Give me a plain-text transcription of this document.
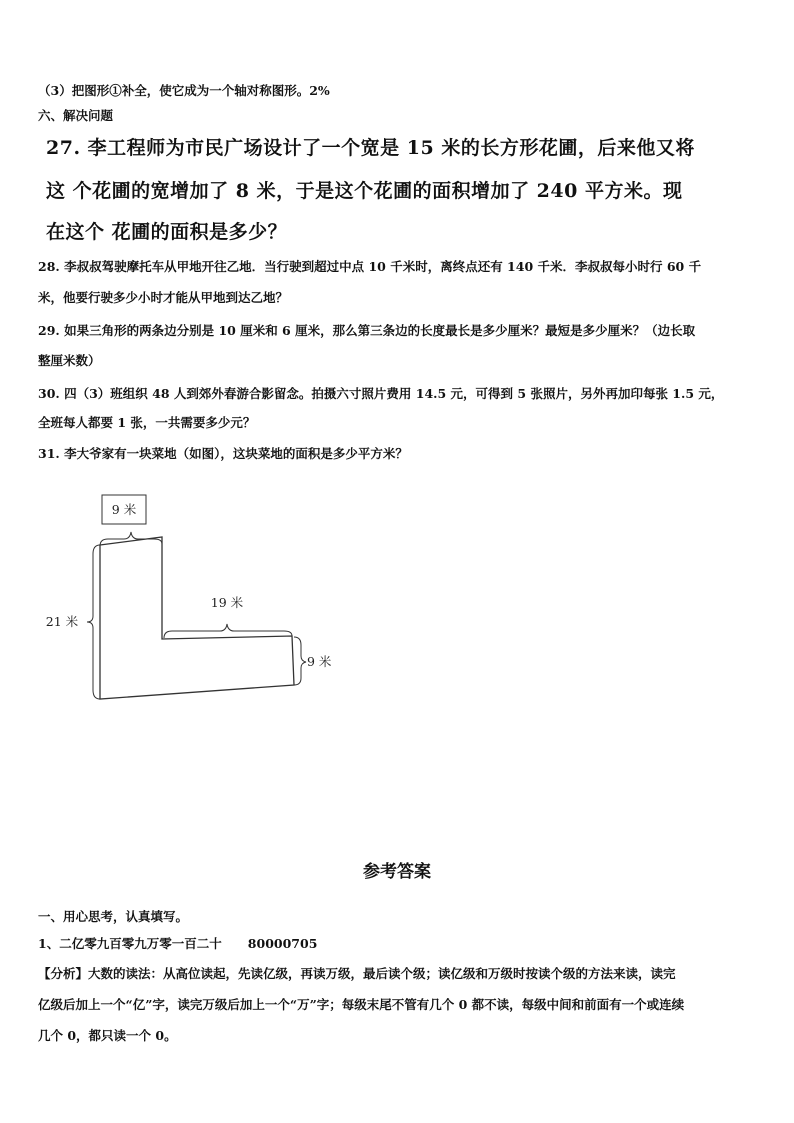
（3）把图形①补全，使它成为一个轴对称图形。2%

六、解决问题

27. 李工程师为市民广场设计了一个宽是 15 米的长方形花圃，后来他又将

这 个花圃的宽增加了 8 米，于是这个花圃的面积增加了 240 平方米。现

在这个 花圃的面积是多少？

28. 李叔叔驾驶摩托车从甲地开往乙地．当行驶到超过中点 10 千米时，离终点还有 140 千米．李叔叔每小时行 60 千

米，他要行驶多少小时才能从甲地到达乙地？

29. 如果三角形的两条边分别是 10 厘米和 6 厘米，那么第三条边的长度最长是多少厘米？最短是多少厘米？（边长取

整厘米数）

30. 四（3）班组织 48 人到郊外春游合影留念。拍摄六寸照片费用 14.5 元，可得到 5 张照片，另外再加印每张 1.5 元，

全班每人都要 1 张，一共需要多少元？

31. 李大爷家有一块菜地（如图），这块菜地的面积是多少平方米？

9 米
21 米
19 米
9 米
参考答案

一、用心思考，认真填写。

1、二亿零九百零九万零一百二十      80000705

【分析】大数的读法：从高位读起，先读亿级，再读万级，最后读个级；读亿级和万级时按读个级的方法来读，读完

亿级后加上一个“亿”字，读完万级后加上一个“万”字；每级末尾不管有几个 0 都不读，每级中间和前面有一个或连续

几个 0，都只读一个 0。
